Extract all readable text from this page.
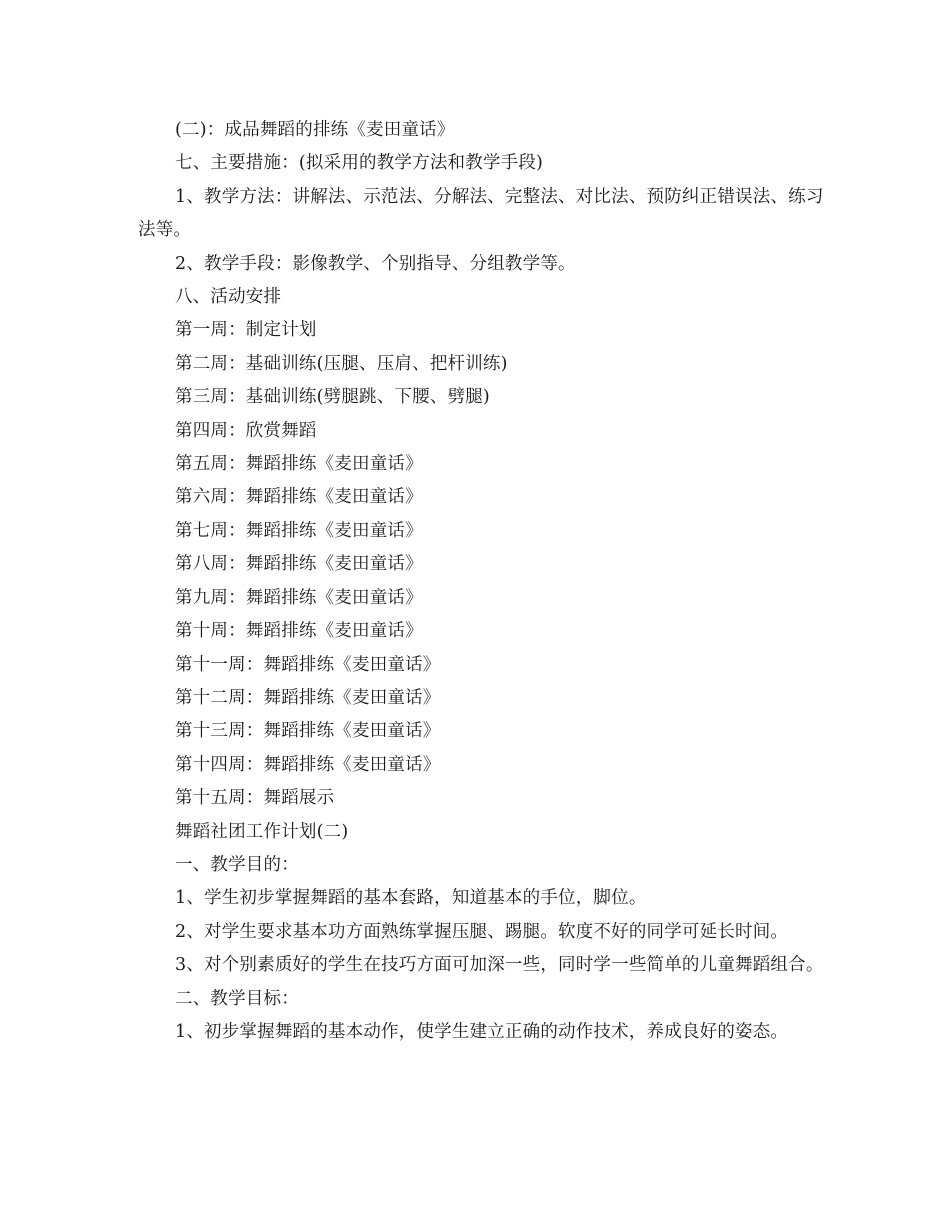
(二)：成品舞蹈的排练《麦田童话》

七、主要措施：(拟采用的教学方法和教学手段)

1、教学方法：讲解法、示范法、分解法、完整法、对比法、预防纠正错误法、练习法等。

2、教学手段：影像教学、个别指导、分组教学等。

八、活动安排

第一周：制定计划

第二周：基础训练(压腿、压肩、把杆训练)

第三周：基础训练(劈腿跳、下腰、劈腿)

第四周：欣赏舞蹈

第五周：舞蹈排练《麦田童话》

第六周：舞蹈排练《麦田童话》

第七周：舞蹈排练《麦田童话》

第八周：舞蹈排练《麦田童话》

第九周：舞蹈排练《麦田童话》

第十周：舞蹈排练《麦田童话》

第十一周：舞蹈排练《麦田童话》

第十二周：舞蹈排练《麦田童话》

第十三周：舞蹈排练《麦田童话》

第十四周：舞蹈排练《麦田童话》

第十五周：舞蹈展示

舞蹈社团工作计划(二)

一、教学目的：

1、学生初步掌握舞蹈的基本套路，知道基本的手位，脚位。

2、对学生要求基本功方面熟练掌握压腿、踢腿。软度不好的同学可延长时间。

3、对个别素质好的学生在技巧方面可加深一些，同时学一些简单的儿童舞蹈组合。

二、教学目标：

1、初步掌握舞蹈的基本动作，使学生建立正确的动作技术，养成良好的姿态。
